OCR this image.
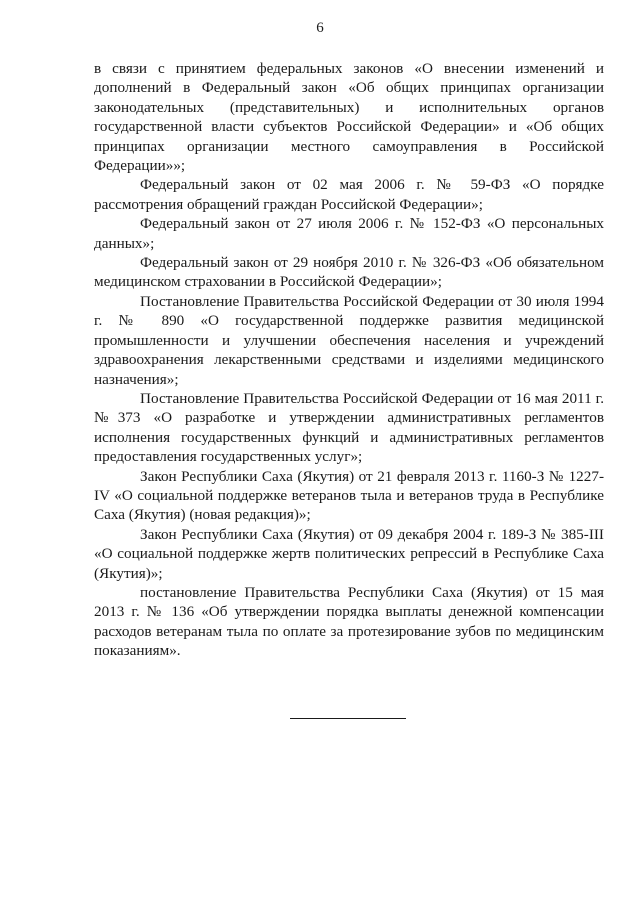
6

в связи с принятием федеральных законов «О внесении изменений и дополнений в Федеральный закон «Об общих принципах организации законодательных (представительных) и исполнительных органов государственной власти субъектов Российской Федерации» и «Об общих принципах организации местного самоуправления в Российской Федерации»»;

Федеральный закон от 02 мая 2006 г. № 59-ФЗ «О порядке рассмотрения обращений граждан Российской Федерации»;

Федеральный закон от 27 июля 2006 г. № 152-ФЗ «О персональных данных»;

Федеральный закон от 29 ноября 2010 г. № 326-ФЗ «Об обязательном медицинском страховании в Российской Федерации»;

Постановление Правительства Российской Федерации от 30 июля 1994 г. № 890 «О государственной поддержке развития медицинской промышленности и улучшении обеспечения населения и учреждений здравоохранения лекарственными средствами и изделиями медицинского назначения»;

Постановление Правительства Российской Федерации от 16 мая 2011 г. №373 «О разработке и утверждении административных регламентов исполнения государственных функций и административных регламентов предоставления государственных услуг»;

Закон Республики Саха (Якутия) от 21 февраля 2013 г. 1160-З № 1227-IV «О социальной поддержке ветеранов тыла и ветеранов труда в Республике Саха (Якутия) (новая редакция)»;

Закон Республики Саха (Якутия) от 09 декабря 2004 г. 189-З № 385-III «О социальной поддержке жертв политических репрессий в Республике Саха (Якутия)»;

постановление Правительства Республики Саха (Якутия) от 15 мая 2013 г. № 136 «Об утверждении порядка выплаты денежной компенсации расходов ветеранам тыла по оплате за протезирование зубов по медицинским показаниям».
